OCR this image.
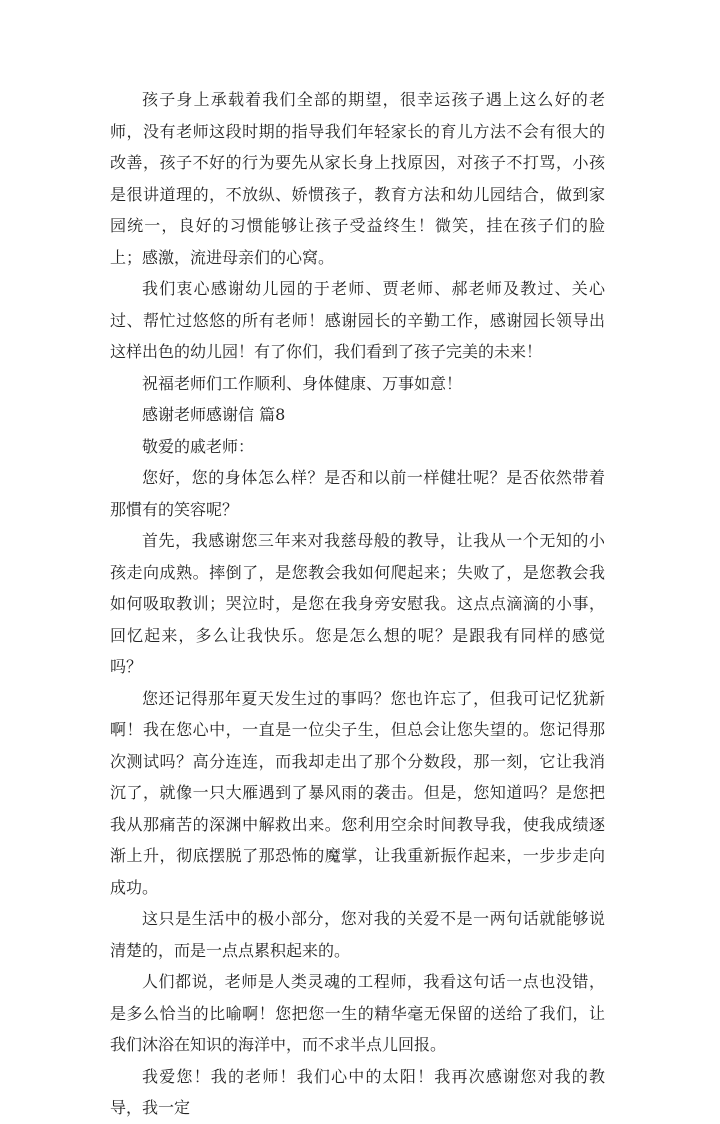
孩子身上承载着我们全部的期望，很幸运孩子遇上这么好的老师，没有老师这段时期的指导我们年轻家长的育儿方法不会有很大的改善，孩子不好的行为要先从家长身上找原因，对孩子不打骂，小孩是很讲道理的，不放纵、娇惯孩子，教育方法和幼儿园结合，做到家园统一，良好的习惯能够让孩子受益终生！微笑，挂在孩子们的脸上；感激，流进母亲们的心窝。

我们衷心感谢幼儿园的于老师、贾老师、郝老师及教过、关心过、帮忙过悠悠的所有老师！感谢园长的辛勤工作，感谢园长领导出这样出色的幼儿园！有了你们，我们看到了孩子完美的未来！

祝福老师们工作顺利、身体健康、万事如意！

感谢老师感谢信 篇8

敬爱的戚老师：

您好，您的身体怎么样？是否和以前一样健壮呢？是否依然带着那慣有的笑容呢？

首先，我感谢您三年来对我慈母般的教导，让我从一个无知的小孩走向成熟。摔倒了，是您教会我如何爬起来；失败了，是您教会我如何吸取教训；哭泣时，是您在我身旁安慰我。这点点滴滴的小事，回忆起来，多么让我快乐。您是怎么想的呢？是跟我有同样的感觉吗？

您还记得那年夏天发生过的事吗？您也许忘了，但我可记忆犹新啊！我在您心中，一直是一位尖子生，但总会让您失望的。您记得那次测试吗？高分连连，而我却走出了那个分数段，那一刻，它让我消沉了，就像一只大雁遇到了暴风雨的袭击。但是，您知道吗？是您把我从那痛苦的深渊中解救出来。您利用空余时间教导我，使我成绩逐渐上升，彻底摆脱了那恐怖的魔掌，让我重新振作起来，一步步走向成功。

这只是生活中的极小部分，您对我的关爱不是一两句话就能够说清楚的，而是一点点累积起来的。

人们都说，老师是人类灵魂的工程师，我看这句话一点也没错，是多么恰当的比喻啊！您把您一生的精华毫无保留的送给了我们，让我们沐浴在知识的海洋中，而不求半点儿回报。

我爱您！我的老师！我们心中的太阳！我再次感谢您对我的教导，我一定
